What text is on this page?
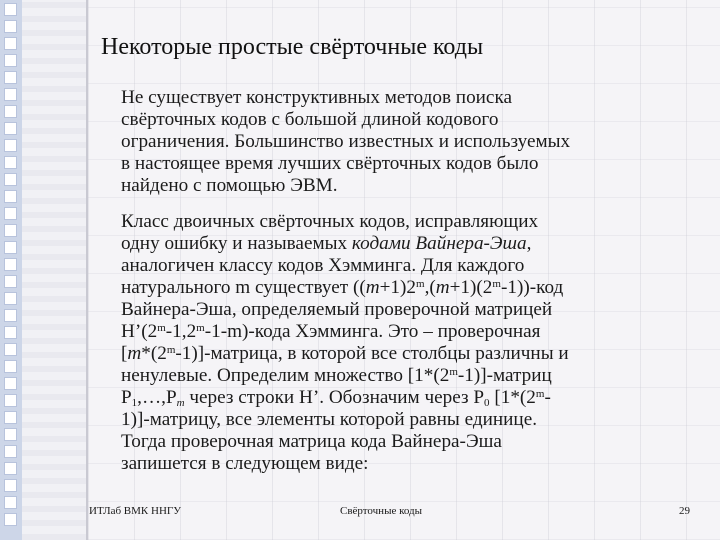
Некоторые простые свёрточные коды
Не существует конструктивных методов поиска
свёрточных кодов с большой длиной кодового
ограничения. Большинство известных и используемых
в настоящее время лучших свёрточных кодов было
найдено с помощью ЭВМ.
Класс двоичных свёрточных кодов, исправляющих
одну ошибку и называемых кодами Вайнера-Эша,
аналогичен классу кодов Хэмминга. Для каждого
натурального m существует $((m+1)2^m,(m+1)(2^m-1))$-код
Вайнера-Эша, определяемый проверочной матрицей
H’(2$^m$-1,2$^m$-1-m)-кода Хэмминга. Это – проверочная
[m*(2$^m$-1)]-матрица, в которой все столбцы различны и
ненулевые. Определим множество [1*(2$^m$-1)]-матриц
$P_1,\dots,P_m$ через строки H’. Обозначим через $P_0$ [1*(2$^m$-
1)]-матрицу, все элементы которой равны единице.
Тогда проверочная матрица кода Вайнера-Эша
запишется в следующем виде:
ИТЛаб ВМК ННГУ	Свёрточные коды	29
